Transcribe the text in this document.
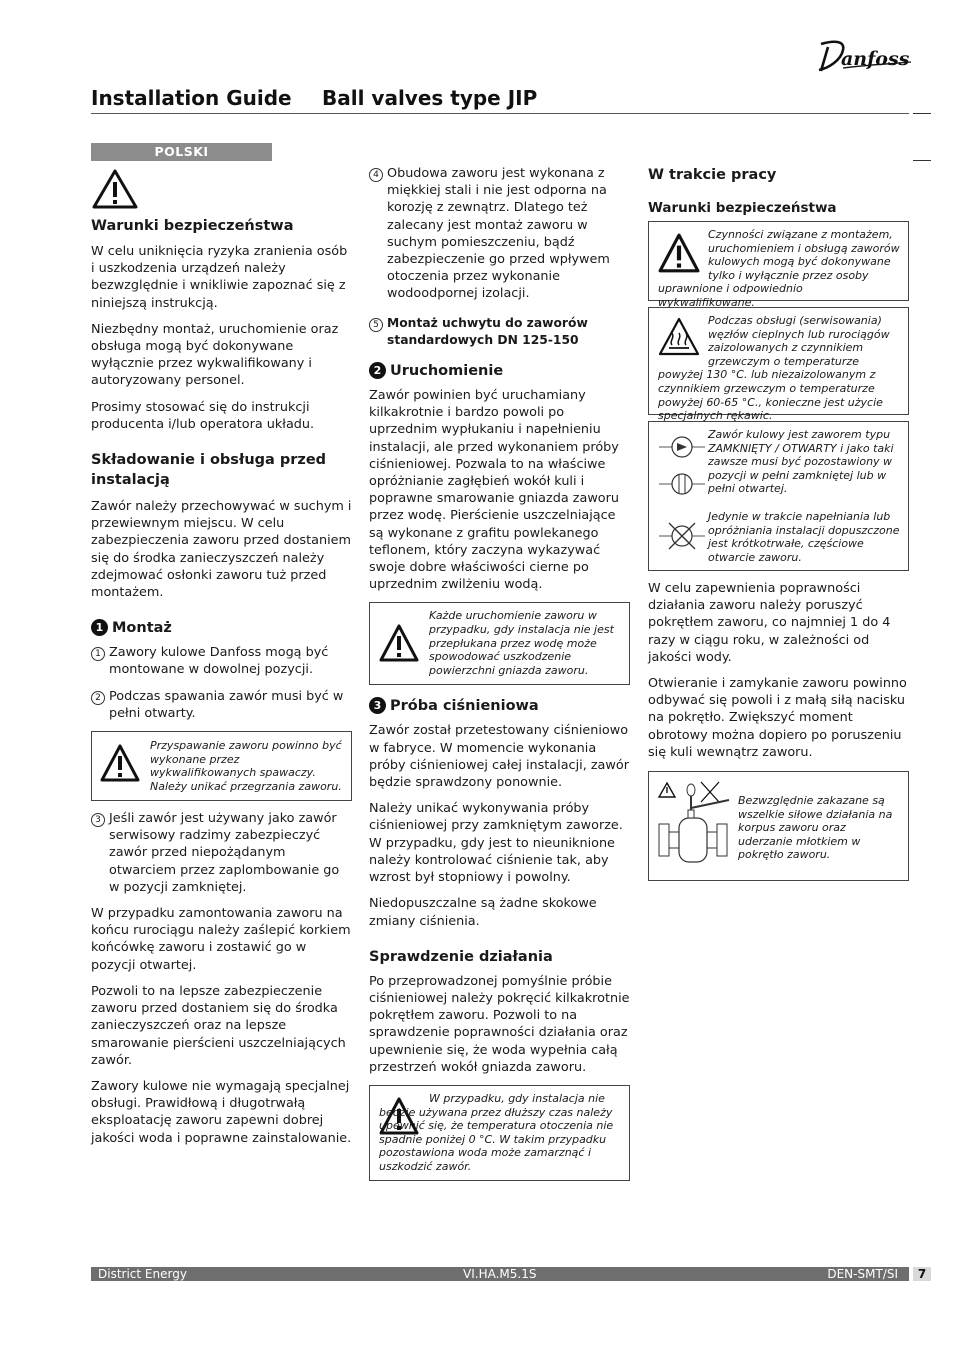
anfoss
Installation Guide Ball valves type JIP
POLSKI
Warunki bezpieczeństwa

W celu uniknięcia ryzyka zranienia osób i uszkodzenia urządzeń należy bezwzględnie i wnikliwie zapoznać się z niniejszą instrukcją.

Niezbędny montaż, uruchomienie oraz obsługa mogą być dokonywane wyłącznie przez wykwalifikowany i autoryzowany personel.

Prosimy stosować się do instrukcji producenta i/lub operatora układu.

Składowanie i obsługa przed instalacją

Zawór należy przechowywać w suchym i przewiewnym miejscu. W celu zabezpieczenia zaworu przed dostaniem się do środka zanieczyszczeń należy zdejmować osłonki zaworu tuż przed montażem.

1 Montaż

1 Zawory kulowe Danfoss mogą być montowane w dowolnej pozycji.

2 Podczas spawania zawór musi być w pełni otwarty.

Przyspawanie zaworu powinno być wykonane przez wykwalifikowanych spawaczy. Należy unikać przegrzania zaworu.

3 Jeśli zawór jest używany jako zawór serwisowy radzimy zabezpieczyć zawór przed niepożądanym otwarciem przez zaplombowanie go w pozycji zamkniętej.

W przypadku zamontowania zaworu na końcu rurociągu należy zaślepić korkiem końcówkę zaworu i zostawić go w pozycji otwartej.

Pozwoli to na lepsze zabezpieczenie zaworu przed dostaniem się do środka zanieczyszczeń oraz na lepsze smarowanie pierścieni uszczelniających zawór.

Zawory kulowe nie wymagają specjalnej obsługi. Prawidłową i długotrwałą eksploatację zaworu zapewni dobrej jakości woda i poprawne zainstalowanie.

4 Obudowa zaworu jest wykonana z miękkiej stali i nie jest odporna na korozję z zewnątrz. Dlatego też zalecany jest montaż zaworu w suchym pomieszczeniu, bądź zabezpieczenie go przed wpływem otoczenia przez wykonanie wodoodpornej izolacji.

5 Montaż uchwytu do zaworów standardowych DN 125-150

2 Uruchomienie

Zawór powinien być uruchamiany kilkakrotnie i bardzo powoli po uprzednim wypłukaniu i napełnieniu instalacji, ale przed wykonaniem próby ciśnieniowej. Pozwala to na właściwe opróżnianie zagłębień wokół kuli i poprawne smarowanie gniazda zaworu przez wodę. Pierścienie uszczelniające są wykonane z grafitu powlekanego teflonem, który zaczyna wykazywać swoje dobre właściwości cierne po uprzednim zwilżeniu wodą.

Każde uruchomienie zaworu w przypadku, gdy instalacja nie jest przepłukana przez wodę może spowodować uszkodzenie powierzchni gniazda zaworu.
3 Próba ciśnieniowa

Zawór został przetestowany ciśnieniowo w fabryce. W momencie wykonania próby ciśnieniowej całej instalacji, zawór będzie sprawdzony ponownie.

Należy unikać wykonywania próby ciśnieniowej przy zamkniętym zaworze. W przypadku, gdy jest to nieuniknione należy kontrolować ciśnienie tak, aby wzrost był stopniowy i powolny.

Niedopuszczalne są żadne skokowe zmiany ciśnienia.

Sprawdzenie działania

Po przeprowadzonej pomyślnie próbie ciśnieniowej należy pokręcić kilkakrotnie pokrętłem zaworu. Pozwoli to na sprawdzenie poprawności działania oraz upewnienie się, że woda wypełnia całą przestrzeń wokół gniazda zaworu.

W przypadku, gdy instalacja nie będzie używana przez dłuższy czas należy upewnić się, że temperatura otoczenia nie spadnie poniżej 0 °C. W takim przypadku pozostawiona woda może zamarznąć i uszkodzić zawór.
W trakcie pracy
Warunki bezpieczeństwa
Czynności związane z montażem, uruchomieniem i obsługą zaworów kulowych mogą być dokonywane tylko i wyłącznie przez osoby uprawnione i odpowiednio wykwalifikowane.
Podczas obsługi (serwisowania) węzłów cieplnych lub rurociągów zaizolowanych z czynnikiem grzewczym o temperaturze powyżej 130 °C. lub niezaizolowanym z czynnikiem grzewczym o temperaturze powyżej 60-65 °C., konieczne jest użycie specjalnych rękawic.
Zawór kulowy jest zaworem typu ZAMKNIĘTY / OTWARTY i jako taki zawsze musi być pozostawiony w pozycji w pełni zamkniętej lub w pełni otwartej.
Jedynie w trakcie napełniania lub opróżniania instalacji dopuszczone jest krótkotrwałe, częściowe otwarcie zaworu.

W celu zapewnienia poprawności działania zaworu należy poruszyć pokrętłem zaworu, co najmniej 1 do 4 razy w ciągu roku, w zależności od jakości wody.

Otwieranie i zamykanie zaworu powinno odbywać się powoli i z małą siłą nacisku na pokrętło. Zwiększyć moment obrotowy można dopiero po poruszeniu się kuli wewnątrz zaworu.

Bezwzględnie zakazane są wszelkie siłowe działania na korpus zaworu oraz uderzanie młotkiem w pokrętło zaworu.
District Energy	VI.HA.M5.1S	DEN-SMT/SI	7
